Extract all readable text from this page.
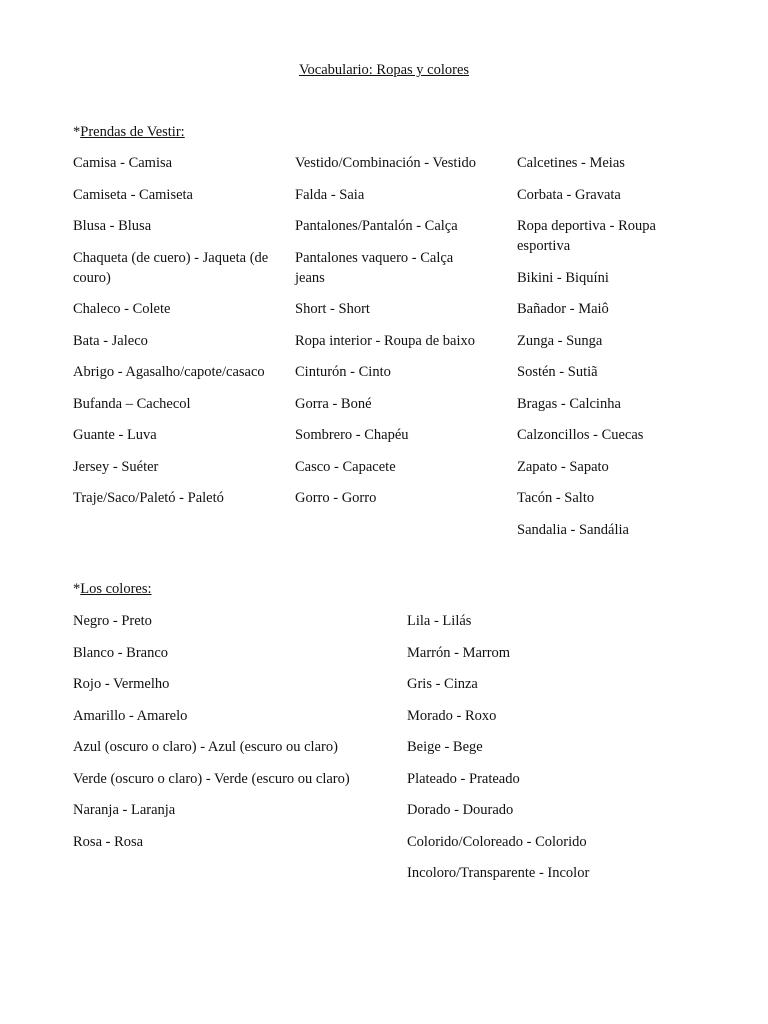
Vocabulario: Ropas y colores
*Prendas de Vestir:
Camisa - Camisa
Camiseta - Camiseta
Blusa - Blusa
Chaqueta (de cuero) - Jaqueta (de couro)
Chaleco - Colete
Bata - Jaleco
Abrigo - Agasalho/capote/casaco
Bufanda – Cachecol
Guante - Luva
Jersey - Suéter
Traje/Saco/Paletó - Paletó
Vestido/Combinación - Vestido
Falda - Saia
Pantalones/Pantalón - Calça
Pantalones vaquero - Calça jeans
Short - Short
Ropa interior - Roupa de baixo
Cinturón - Cinto
Gorra - Boné
Sombrero - Chapéu
Casco - Capacete
Gorro - Gorro
Calcetines - Meias
Corbata - Gravata
Ropa deportiva - Roupa esportiva
Bikini - Biquíni
Bañador - Maiô
Zunga - Sunga
Sostén - Sutiã
Bragas - Calcinha
Calzoncillos - Cuecas
Zapato - Sapato
Tacón - Salto
Sandalia - Sandália
*Los colores:
Negro - Preto
Blanco - Branco
Rojo - Vermelho
Amarillo - Amarelo
Azul (oscuro o claro) - Azul (escuro ou claro)
Verde (oscuro o claro) - Verde (escuro ou claro)
Naranja - Laranja
Rosa - Rosa
Lila - Lilás
Marrón - Marrom
Gris - Cinza
Morado - Roxo
Beige - Bege
Plateado - Prateado
Dorado - Dourado
Colorido/Coloreado - Colorido
Incoloro/Transparente - Incolor
